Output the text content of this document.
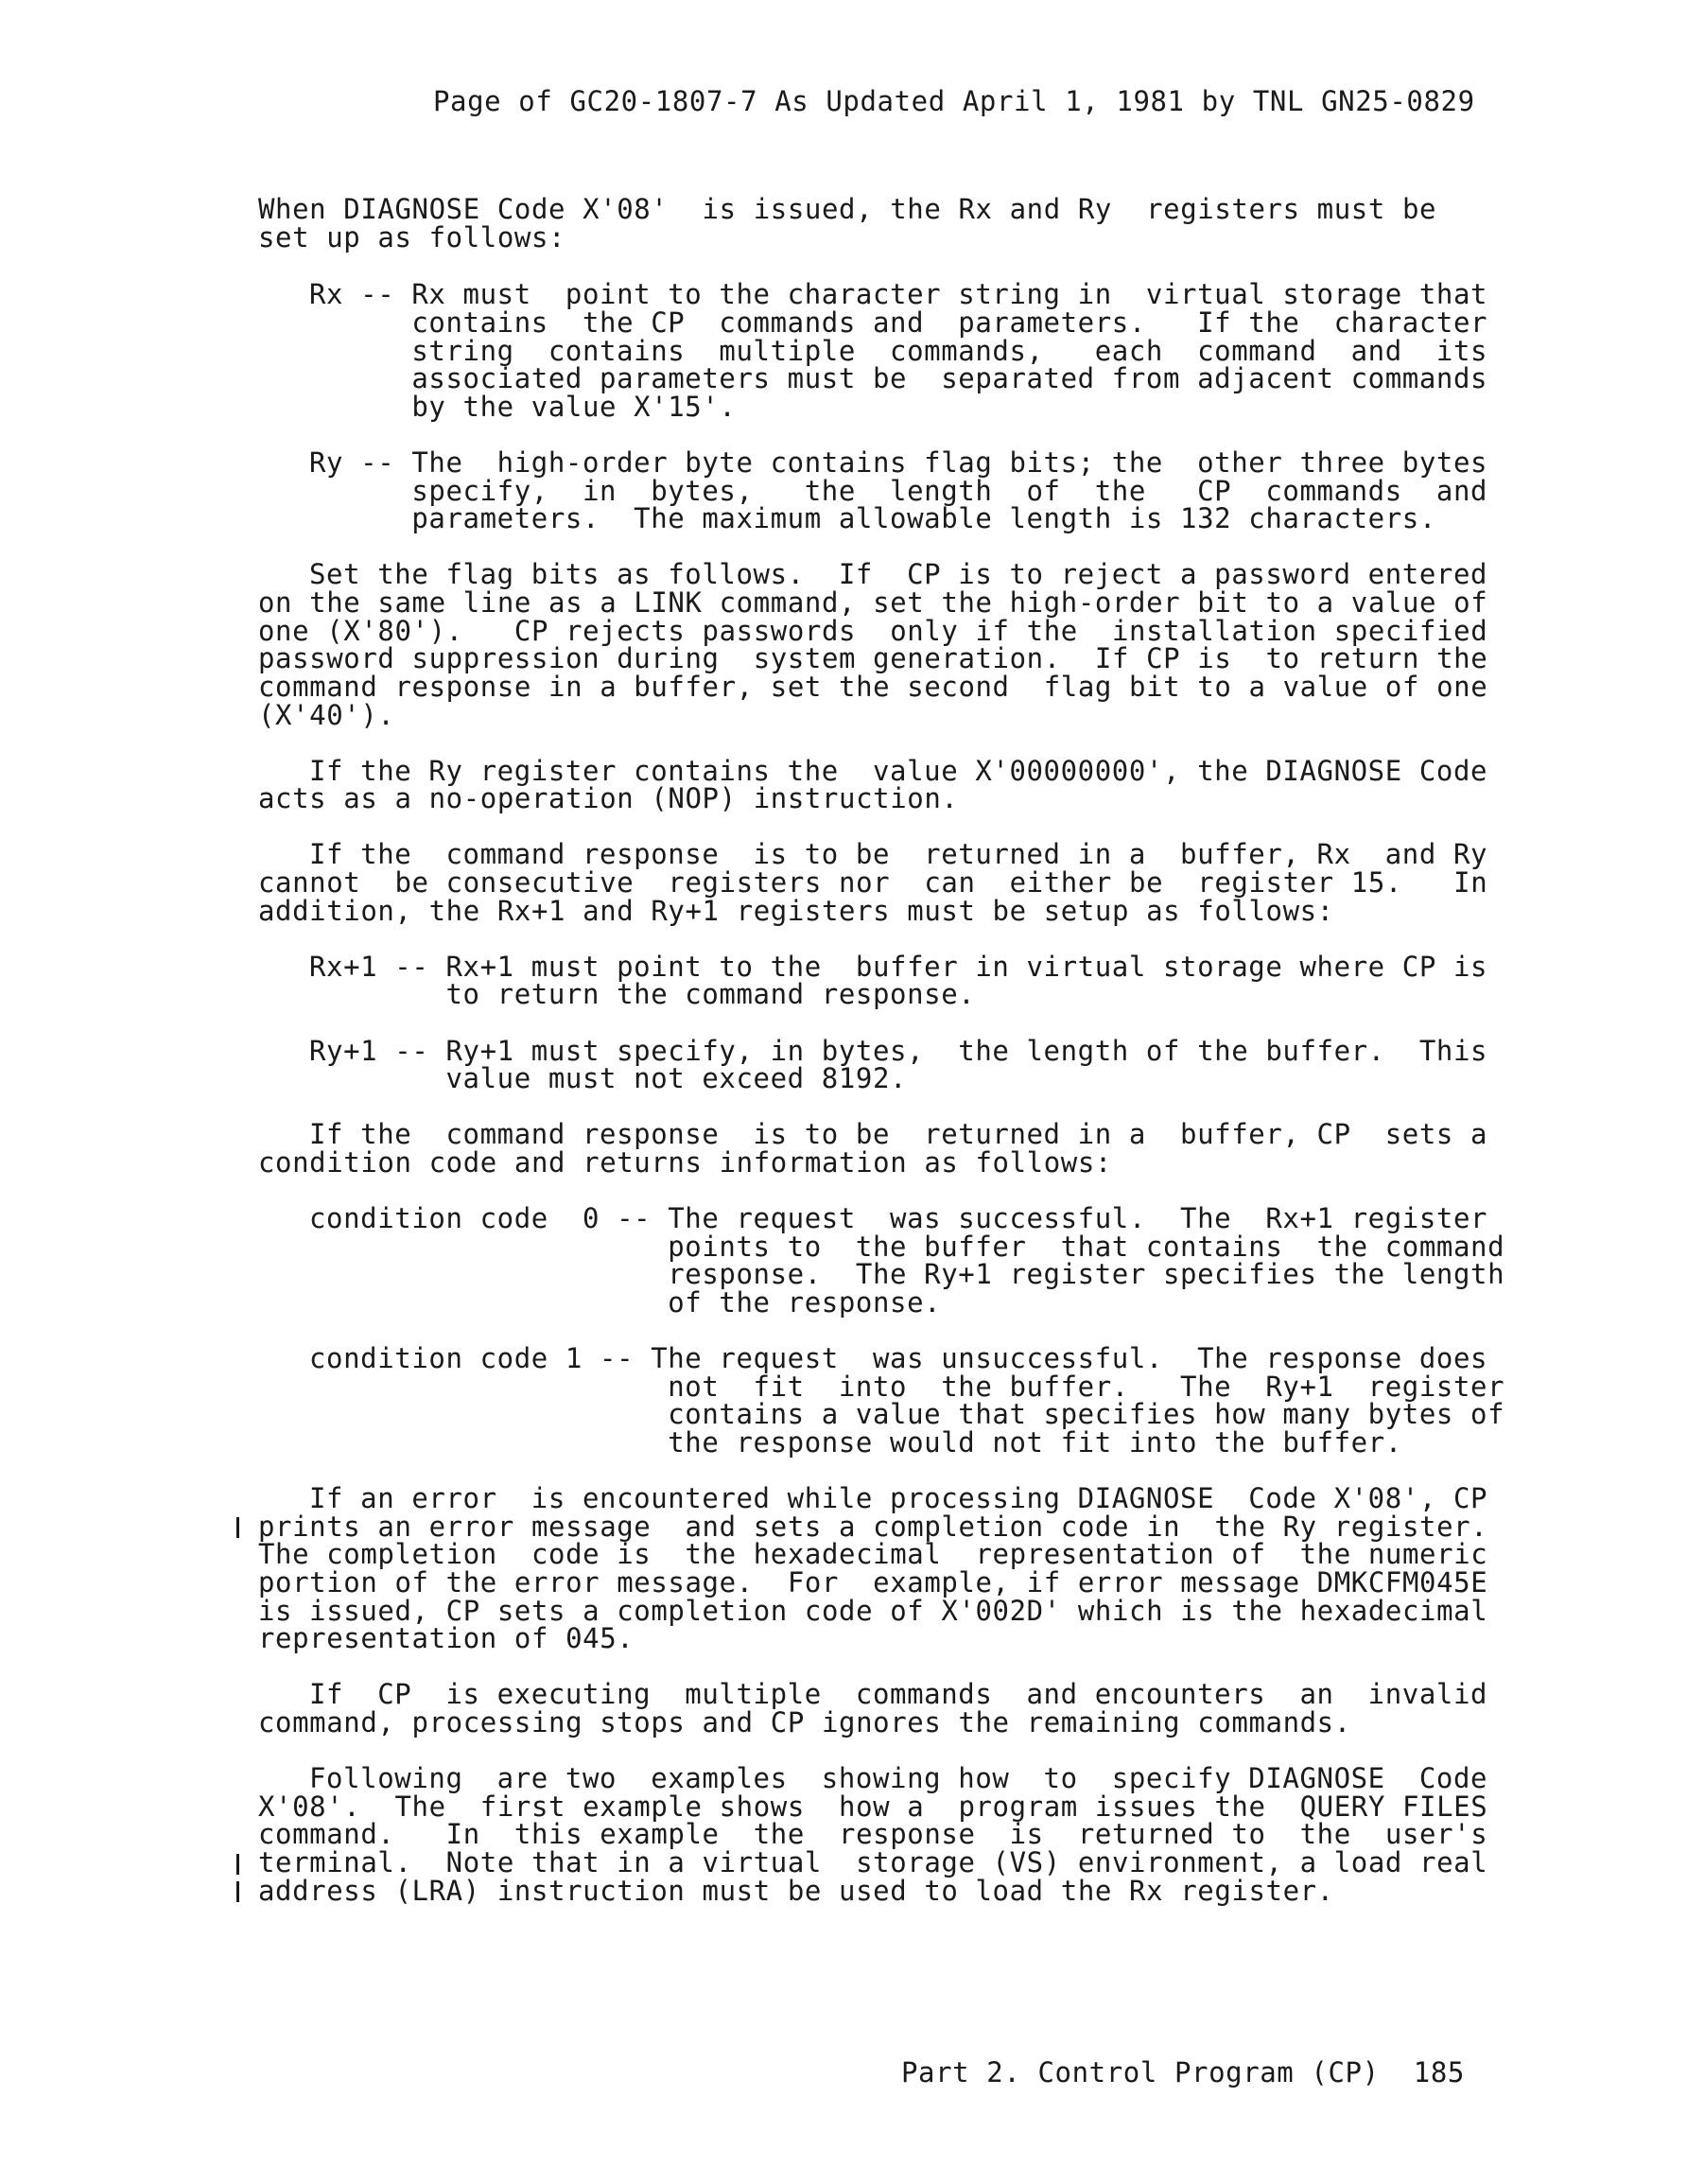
Page of GC20-1807-7 As Updated April 1, 1981 by TNL GN25-0829
When DIAGNOSE Code X'08'  is issued, the Rx and Ry  registers must be
set up as follows:
Rx -- Rx must  point to the character string in  virtual storage that
contains  the CP  commands and  parameters.   If the  character
string  contains  multiple  commands,   each  command  and  its
associated parameters must be  separated from adjacent commands
by the value X'15'.
Ry -- The  high-order byte contains flag bits; the  other three bytes
specify,  in  bytes,   the  length  of  the   CP  commands  and
parameters.  The maximum allowable length is 132 characters.
Set the flag bits as follows.  If  CP is to reject a password entered
on the same line as a LINK command, set the high-order bit to a value of
one (X'80').   CP rejects passwords  only if the  installation specified
password suppression during  system generation.  If CP is  to return the
command response in a buffer, set the second  flag bit to a value of one
(X'40').
If the Ry register contains the  value X'00000000', the DIAGNOSE Code
acts as a no-operation (NOP) instruction.
If the  command response  is to be  returned in a  buffer, Rx  and Ry
cannot  be consecutive  registers nor  can  either be  register 15.   In
addition, the Rx+1 and Ry+1 registers must be setup as follows:
Rx+1 -- Rx+1 must point to the  buffer in virtual storage where CP is
to return the command response.
Ry+1 -- Ry+1 must specify, in bytes,  the length of the buffer.  This
value must not exceed 8192.
If the  command response  is to be  returned in a  buffer, CP  sets a
condition code and returns information as follows:
condition code  0 -- The request  was successful.  The  Rx+1 register
points to  the buffer  that contains  the command
response.  The Ry+1 register specifies the length
of the response.
condition code 1 -- The request  was unsuccessful.  The response does
not  fit  into  the buffer.   The  Ry+1  register
contains a value that specifies how many bytes of
the response would not fit into the buffer.
If an error  is encountered while processing DIAGNOSE  Code X'08', CP
prints an error message  and sets a completion code in  the Ry register.
The completion  code is  the hexadecimal  representation of  the numeric
portion of the error message.  For  example, if error message DMKCFM045E
is issued, CP sets a completion code of X'002D' which is the hexadecimal
representation of 045.
If  CP  is executing  multiple  commands  and encounters  an  invalid
command, processing stops and CP ignores the remaining commands.
Following  are two  examples  showing how  to  specify DIAGNOSE  Code
X'08'.  The  first example shows  how a  program issues the  QUERY FILES
command.   In  this example  the  response  is  returned to  the  user's
terminal.  Note that in a virtual  storage (VS) environment, a load real
address (LRA) instruction must be used to load the Rx register.
Part 2. Control Program (CP)  185
